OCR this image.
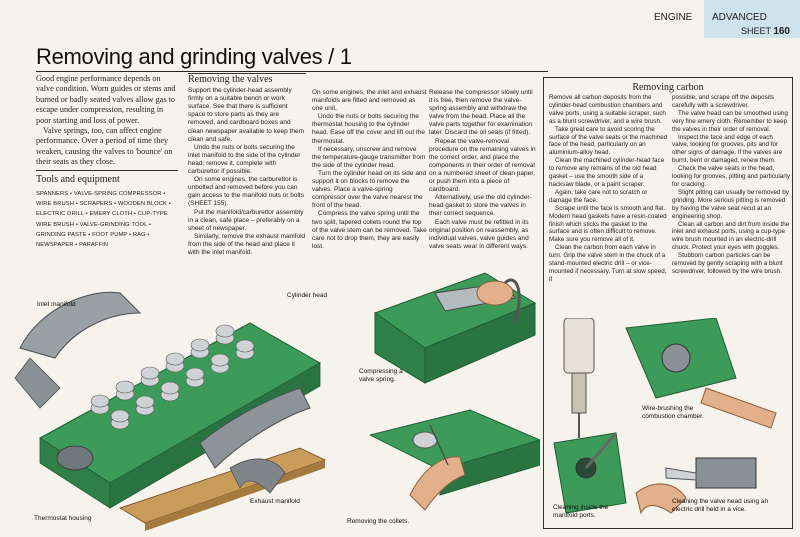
ENGINE	ADVANCED
SHEET 160
Removing and grinding valves / 1

Good engine performance depends on valve condition. Worn guides or stems and burned or badly seated valves allow gas to escape under compression, resulting in poor starting and loss of power.

Valve springs, too, can affect engine performance. Over a period of time they weaken, causing the valves to 'bounce' on their seats as they close.

Tools and equipment
SPANNERS • VALVE-SPRING COMPRESSOR • WIRE BRUSH • SCRAPERS • WOODEN BLOCK • ELECTRIC DRILL • EMERY CLOTH • CUP-TYPE WIRE BRUSH • VALVE-GRINDING TOOL • GRINDING PASTE • FOOT PUMP • RAG • NEWSPAPER • PARAFFIN
Removing the valves

Support the cylinder-head assembly firmly on a suitable bench or work surface. See that there is sufficient space to store parts as they are removed, and cardboard boxes and clean newspaper available to keep them clean and safe.

Undo the nuts or bolts securing the inlet manifold to the side of the cylinder head; remove it, complete with carburettor if possible.

On some engines, the carburettor is unbolted and removed before you can gain access to the manifold nuts or bolts (SHEET 155).

Put the manifold/carburettor assembly in a clean, safe place – preferably on a sheet of newspaper.

Similarly, remove the exhaust manifold from the side of the head and place it with the inlet manifold.

On some engines, the inlet and exhaust manifolds are fitted and removed as one unit.

Undo the nuts or bolts securing the thermostat housing to the cylinder head. Ease off the cover and lift out the thermostat.

If necessary, unscrew and remove the temperature-gauge transmitter from the side of the cylinder head.

Turn the cylinder head on its side and support it on blocks to remove the valves. Place a valve-spring compressor over the valve nearest the front of the head.

Compress the valve spring until the two split, tapered collets round the top of the valve stem can be removed. Take care not to drop them, they are easily lost.

Release the compressor slowly until it is free, then remove the valve-spring assembly and withdraw the valve from the head. Place all the valve parts together for examination later. Discard the oil seals (if fitted).

Repeat the valve-removal procedure on the remaining valves in the correct order, and place the components in their order of removal on a numbered sheet of clean paper, or push them into a piece of cardboard.

Alternatively, use the old cylinder-head gasket to store the valves in their correct sequence.

Each valve must be refitted in its original position on reassembly, as individual valves, valve guides and valve seats wear in different ways.

Removing carbon

Remove all carbon deposits from the cylinder-head combustion chambers and valve ports, using a suitable scraper, such as a blunt screwdriver, and a wire brush.

Take great care to avoid scoring the surface of the valve seats or the machined face of the head, particularly on an aluminium-alloy head.

Clean the machined cylinder-head face to remove any remains of the old head gasket – use the smooth side of a hacksaw blade, or a paint scraper.

Again, take care not to scratch or damage the face.

Scrape until the face is smooth and flat. Modern head gaskets have a resin-coated finish which sticks the gasket to the surface and is often difficult to remove. Make sure you remove all of it.

Clean the carbon from each valve in turn. Grip the valve stem in the chuck of a stand-mounted electric drill – or vice-mounted if necessary. Turn at slow speed, if

possible, and scrape off the deposits carefully with a screwdriver.

The valve head can be smoothed using very fine emery cloth. Remember to keep the valves in their order of removal.

Inspect the face and edge of each valve, looking for grooves, pits and for other signs of damage. If the valves are burnt, bent or damaged, renew them.

Check the valve seats in the head, looking for grooves, pitting and particularly for cracking.

Slight pitting can usually be removed by grinding. More serious pitting is removed by having the valve seat recut at an engineering shop.

Clean all carbon and dirt from inside the inlet and exhaust ports, using a cup-type wire brush mounted in an electric-drill chuck. Protect your eyes with goggles.

Stubborn carbon particles can be removed by gently scraping with a blunt screwdriver, followed by the wire brush.

Inlet manifold
Cylinder head
Thermostat housing
Exhaust manifold
Compressing a valve spring.
Removing the collets.
Wire-brushing the combustion chamber.
Cleaning inside the manifold ports.
Cleaning the valve head using an electric drill held in a vice.
